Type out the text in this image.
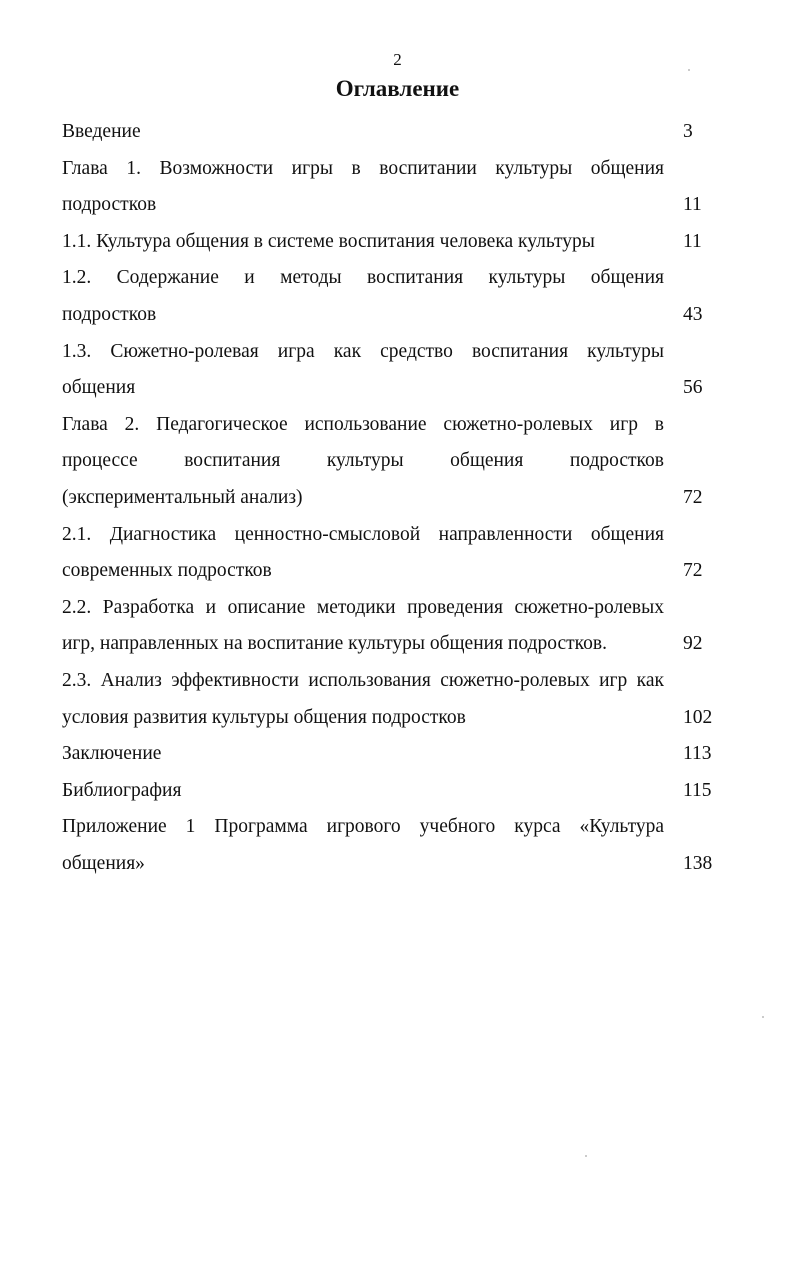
2
Оглавление
Введение	3
Глава 1. Возможности игры в воспитании культуры общения
подростков	11
1.1. Культура общения в системе воспитания человека культуры	11
1.2. Содержание и методы воспитания культуры общения
подростков	43
1.3. Сюжетно-ролевая игра как средство воспитания культуры
общения	56
Глава 2. Педагогическое использование сюжетно-ролевых игр в
процессе воспитания культуры общения подростков
(экспериментальный анализ)	72
2.1. Диагностика ценностно-смысловой направленности общения
современных подростков	72
2.2. Разработка и описание методики проведения сюжетно-ролевых
игр, направленных на воспитание культуры общения подростков.	92
2.3. Анализ эффективности использования сюжетно-ролевых игр как
условия развития культуры общения подростков	102
Заключение	113
Библиография	115
Приложение 1 Программа игрового учебного курса «Культура
общения»	138
